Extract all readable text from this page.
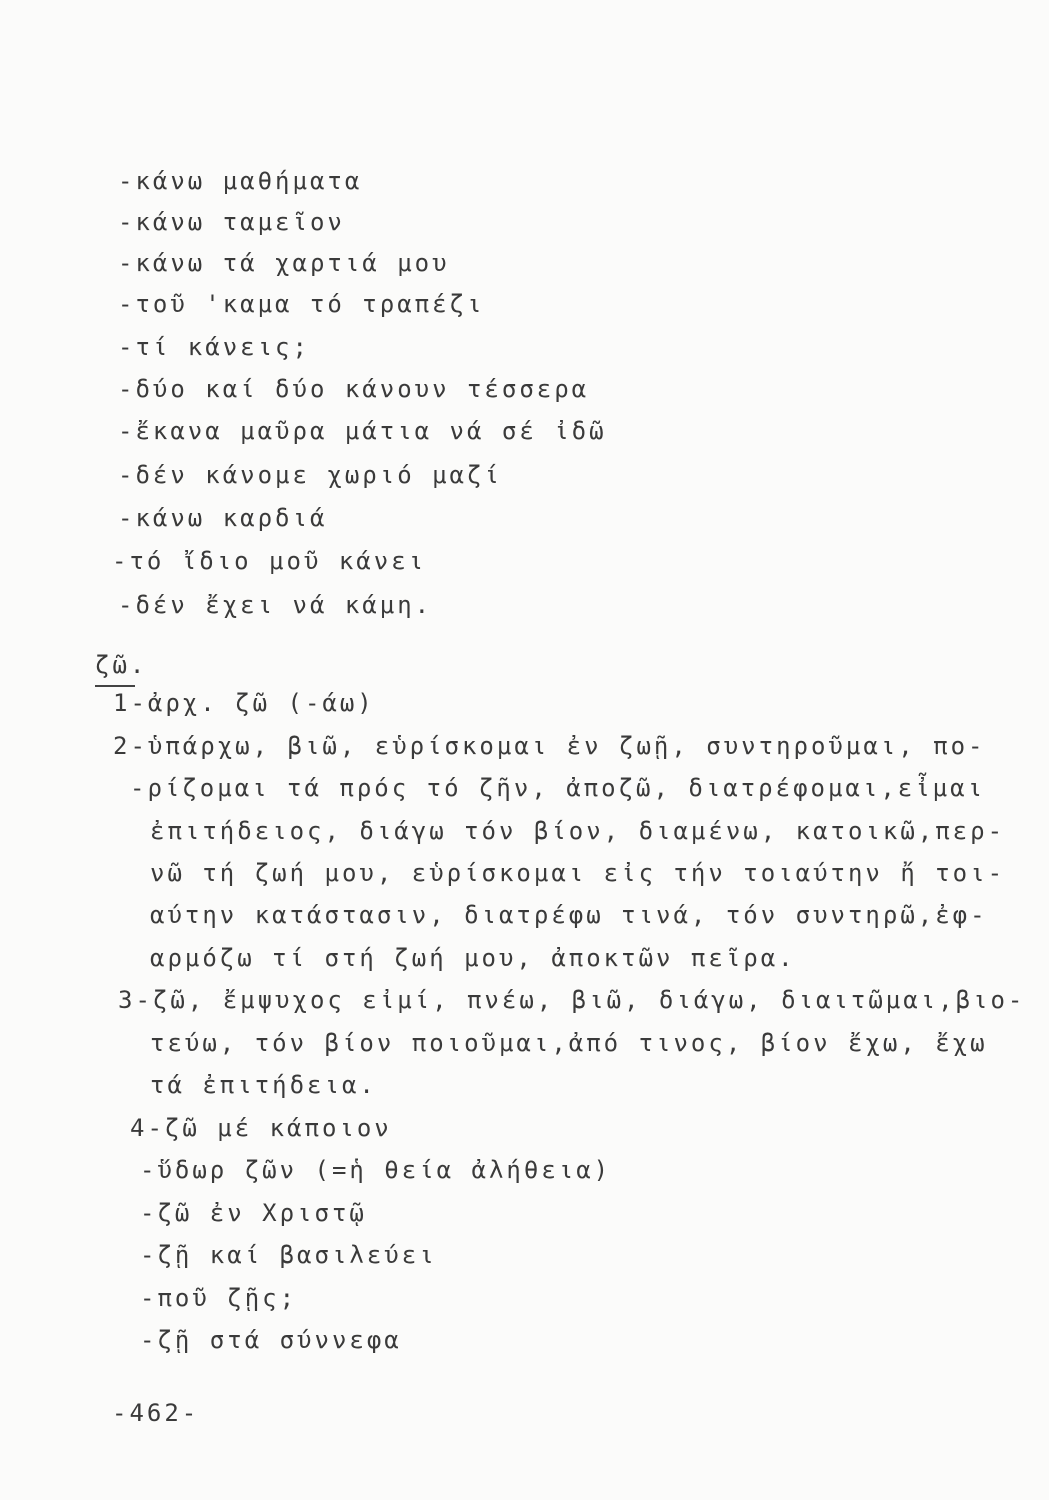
-κάνω μαθήματα
-κάνω ταμεῖον
-κάνω τά χαρτιά μου
-τοῦ 'καμα τό τραπέζι
-τί κάνεις;
-δύο καί δύο κάνουν τέσσερα
-ἔκανα μαῦρα μάτια νά σέ ἰδῶ
-δέν κάνομε χωριό μαζί
-κάνω καρδιά
-τό ἴδιο μοῦ κάνει
-δέν ἔχει νά κάμη.
ζῶ.
1-ἀρχ. ζῶ (-άω)
2-ὑπάρχω, βιῶ, εὑρίσκομαι ἐν ζωῇ, συντηροῦμαι, πο-
-ρίζομαι τά πρός τό ζῆν, ἀποζῶ, διατρέφομαι,εἶμαι
ἐπιτήδειος, διάγω τόν βίον, διαμένω, κατοικῶ,περ-
νῶ τή ζωή μου, εὑρίσκομαι εἰς τήν τοιαύτην ἤ τοι-
αύτην κατάστασιν, διατρέφω τινά, τόν συντηρῶ,ἐφ-
αρμόζω τί στή ζωή μου, ἀποκτῶν πεῖρα.
3-ζῶ, ἔμψυχος εἰμί, πνέω, βιῶ, διάγω, διαιτῶμαι,βιο-
τεύω, τόν βίον ποιοῦμαι,ἀπό τινος, βίον ἔχω, ἔχω
τά ἐπιτήδεια.
4-ζῶ μέ κάποιον
-ὕδωρ ζῶν (=ἡ θεία ἀλήθεια)
-ζῶ ἐν Χριστῷ
-ζῇ καί βασιλεύει
-ποῦ ζῇς;
-ζῇ στά σύννεφα
-462-
